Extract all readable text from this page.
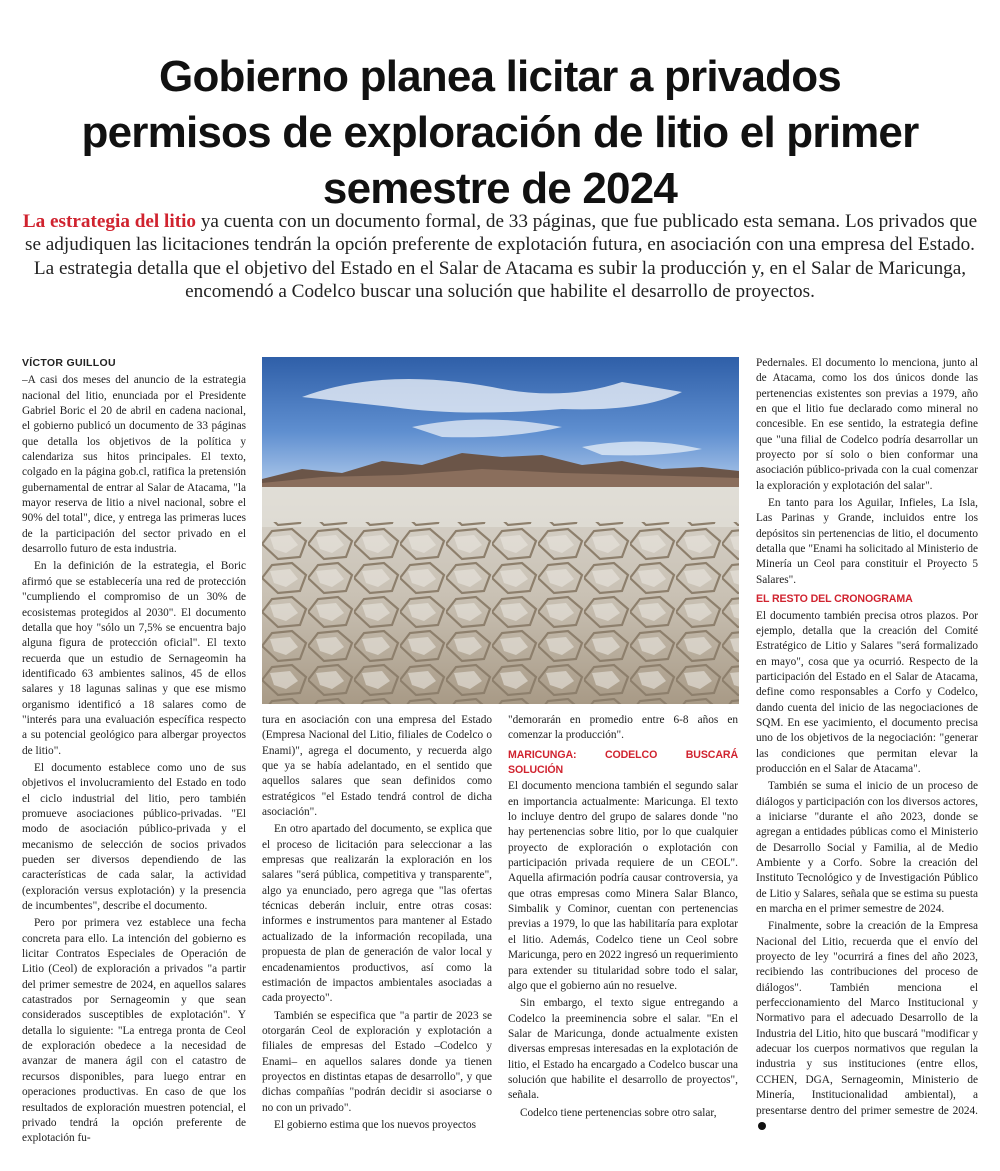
Gobierno planea licitar a privados permisos de exploración de litio el primer semestre de 2024
La estrategia del litio ya cuenta con un documento formal, de 33 páginas, que fue publicado esta semana. Los privados que se adjudiquen las licitaciones tendrán la opción preferente de explotación futura, en asociación con una empresa del Estado. La estrategia detalla que el objetivo del Estado en el Salar de Atacama es subir la producción y, en el Salar de Maricunga, encomendó a Codelco buscar una solución que habilite el desarrollo de proyectos.
VÍCTOR GUILLOU

–A casi dos meses del anuncio de la estrategia nacional del litio, enunciada por el Presidente Gabriel Boric el 20 de abril en cadena nacional, el gobierno publicó un documento de 33 páginas que detalla los objetivos de la política y calendariza sus hitos principales. El texto, colgado en la página gob.cl, ratifica la pretensión gubernamental de entrar al Salar de Atacama, "la mayor reserva de litio a nivel nacional, sobre el 90% del total", dice, y entrega las primeras luces de la participación del sector privado en el desarrollo futuro de esta industria.

En la definición de la estrategia, el Boric afirmó que se establecería una red de protección "cumpliendo el compromiso de un 30% de ecosistemas protegidos al 2030". El documento detalla que hoy "sólo un 7,5% se encuentra bajo alguna figura de protección oficial". El texto recuerda que un estudio de Sernageomin ha identificado 63 ambientes salinos, 45 de ellos salares y 18 lagunas salinas y que ese mismo organismo identificó a 18 salares como de "interés para una evaluación específica respecto a su potencial geológico para albergar proyectos de litio".

El documento establece como uno de sus objetivos el involucramiento del Estado en todo el ciclo industrial del litio, pero también promueve asociaciones público-privadas. "El modo de asociación público-privada y el mecanismo de selección de socios privados pueden ser diversos dependiendo de las características de cada salar, la actividad (exploración versus explotación) y la presencia de incumbentes", describe el documento.

Pero por primera vez establece una fecha concreta para ello. La intención del gobierno es licitar Contratos Especiales de Operación de Litio (Ceol) de exploración a privados "a partir del primer semestre de 2024, en aquellos salares catastrados por Sernageomin y que sean considerados susceptibles de explotación". Y detalla lo siguiente: "La entrega pronta de Ceol de exploración obedece a la necesidad de avanzar de manera ágil con el catastro de recursos disponibles, para luego entrar en operaciones productivas. En caso de que los resultados de exploración muestren potencial, el privado tendrá la opción preferente de explotación fu-

tura en asociación con una empresa del Estado (Empresa Nacional del Litio, filiales de Codelco o Enami)", agrega el documento, y recuerda algo que ya se había adelantado, en el sentido que aquellos salares que sean definidos como estratégicos "el Estado tendrá control de dicha asociación".

En otro apartado del documento, se explica que el proceso de licitación para seleccionar a las empresas que realizarán la exploración en los salares "será pública, competitiva y transparente", algo ya enunciado, pero agrega que "las ofertas técnicas deberán incluir, entre otras cosas: informes e instrumentos para mantener al Estado actualizado de la información recopilada, una propuesta de plan de generación de valor local y encadenamientos productivos, así como la estimación de impactos ambientales asociadas a cada proyecto".

También se especifica que "a partir de 2023 se otorgarán Ceol de exploración y explotación a filiales de empresas del Estado –Codelco y Enami– en aquellos salares donde ya tienen proyectos en distintas etapas de desarrollo", y que dichas compañías "podrán decidir si asociarse o no con un privado".

El gobierno estima que los nuevos proyectos

"demorarán en promedio entre 6-8 años en comenzar la producción".

MARICUNGA: CODELCO BUSCARÁ SOLUCIÓN

El documento menciona también el segundo salar en importancia actualmente: Maricunga. El texto lo incluye dentro del grupo de salares donde "no hay pertenencias sobre litio, por lo que cualquier proyecto de exploración o explotación con participación privada requiere de un CEOL". Aquella afirmación podría causar controversia, ya que otras empresas como Minera Salar Blanco, Simbalik y Cominor, cuentan con pertenencias previas a 1979, lo que las habilitaría para explotar el litio. Además, Codelco tiene un Ceol sobre Maricunga, pero en 2022 ingresó un requerimiento para extender su titularidad sobre todo el salar, algo que el gobierno aún no resuelve.

Sin embargo, el texto sigue entregando a Codelco la preeminencia sobre el salar. "En el Salar de Maricunga, donde actualmente existen diversas empresas interesadas en la explotación de litio, el Estado ha encargado a Codelco buscar una solución que habilite el desarrollo de proyectos", señala.

Codelco tiene pertenencias sobre otro salar,

Pedernales. El documento lo menciona, junto al de Atacama, como los dos únicos donde las pertenencias existentes son previas a 1979, año en que el litio fue declarado como mineral no concesible. En ese sentido, la estrategia define que "una filial de Codelco podría desarrollar un proyecto por sí solo o bien conformar una asociación público-privada con la cual comenzar la exploración y explotación del salar".

En tanto para los Aguilar, Infieles, La Isla, Las Parinas y Grande, incluidos entre los depósitos sin pertenencias de litio, el documento detalla que "Enami ha solicitado al Ministerio de Minería un Ceol para constituir el Proyecto 5 Salares".

EL RESTO DEL CRONOGRAMA

El documento también precisa otros plazos. Por ejemplo, detalla que la creación del Comité Estratégico de Litio y Salares "será formalizado en mayo", cosa que ya ocurrió. Respecto de la participación del Estado en el Salar de Atacama, define como responsables a Corfo y Codelco, dando cuenta del inicio de las negociaciones de SQM. En ese yacimiento, el documento precisa uno de los objetivos de la negociación: "generar las condiciones que permitan elevar la producción en el Salar de Atacama".

También se suma el inicio de un proceso de diálogos y participación con los diversos actores, a iniciarse "durante el año 2023, donde se agregan a entidades públicas como el Ministerio de Desarrollo Social y Familia, al de Medio Ambiente y a Corfo. Sobre la creación del Instituto Tecnológico y de Investigación Público de Litio y Salares, señala que se estima su puesta en marcha en el primer semestre de 2024.

Finalmente, sobre la creación de la Empresa Nacional del Litio, recuerda que el envío del proyecto de ley "ocurrirá a fines del año 2023, recibiendo las contribuciones del proceso de diálogos". También menciona el perfeccionamiento del Marco Institucional y Normativo para el adecuado Desarrollo de la Industria del Litio, hito que buscará "modificar y adecuar los cuerpos normativos que regulan la industria y sus instituciones (entre ellos, CCHEN, DGA, Sernageomin, Ministerio de Minería, Institucionalidad ambiental), a presentarse dentro del primer semestre de 2024.
